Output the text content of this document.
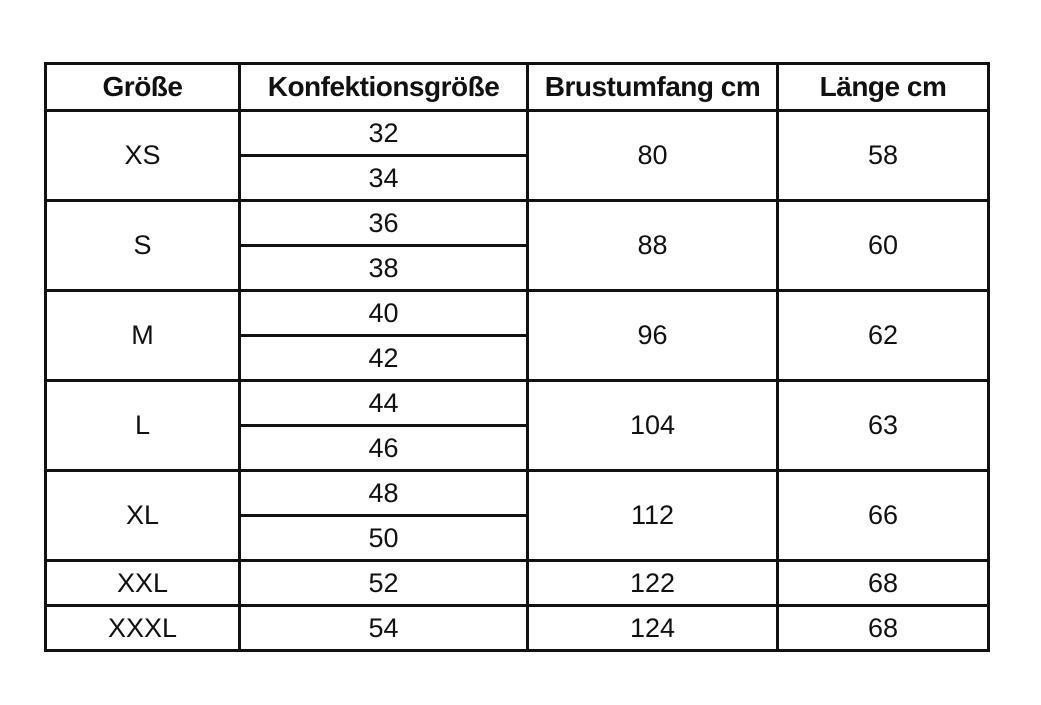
Größe	Konfektionsgröße	Brustumfang cm	Länge cm
XS	32	80	58
	34		
S	36	88	60
	38		
M	40	96	62
	42		
L	44	104	63
	46		
XL	48	112	66
	50		
XXL	52	122	68
XXXL	54	124	68
